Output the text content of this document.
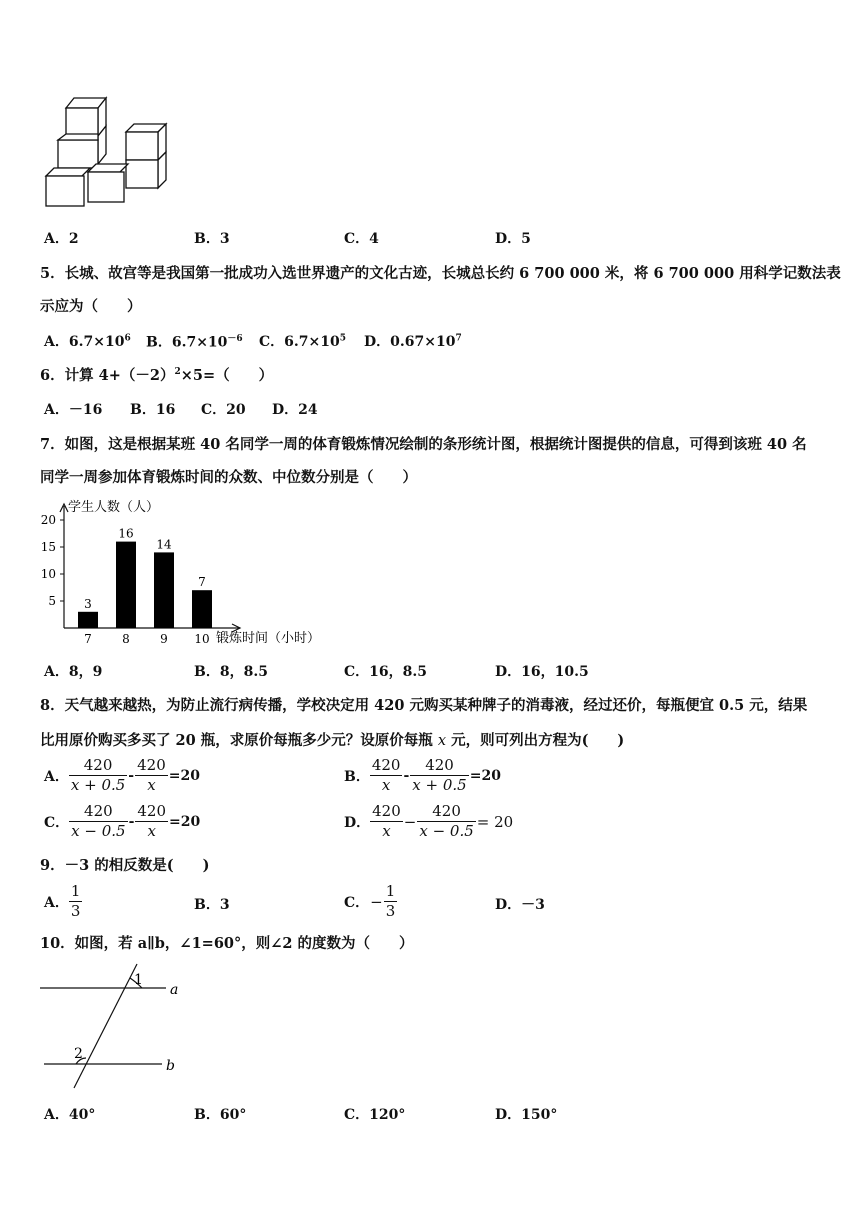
A．2	B．3	C．4	D．5
5．长城、故宫等是我国第一批成功入选世界遗产的文化古迹，长城总长约 6 700 000 米，将 6 700 000 用科学记数法表
示应为（　　）
A．$6.7\times 10^6$ B．$6.7\times 10^{-6}$ C．$6.7\times 10^5$ D．$0.67\times 10^7$
6．计算 $4+(-2)^2\times 5=$（　　）
A．－16 B．16 C．20 D．24
7．如图，这是根据某班 40 名同学一周的体育锻炼情况绘制的条形统计图，根据统计图提供的信息，可得到该班 40 名
同学一周参加体育锻炼时间的众数、中位数分别是（　　）
学生人数（人）
5
10
15
20
3
16
14
7
7	8	9 10 锻炼时间（小时）
A．8，9	B．8，8.5	C．16，8.5	D．16，10.5
8．天气越来越热，为防止流行病传播，学校决定用 420 元购买某种牌子的消毒液，经过还价，每瓶便宜 0.5 元，结果
比用原价购买多买了 20 瓶，求原价每瓶多少元？设原价每瓶 x 元，则可列出方程为(　　)
A． $\frac{420}{x + 0.5} - \frac{420}{x} =20$	B． $\frac{420}{x} - \frac{420}{x + 0.5} =20$
C． $\frac{420}{x - 0.5} - \frac{420}{x} =20$	D． $\frac{420}{x} - \frac{420}{x - 0.5} = 20$
9．－3 的相反数是(　　)
A． $\frac{1}{3}$	B．3	C． − $\frac{1}{3}$	D．－3
10．如图，若 a∥b，∠1=60°，则∠2 的度数为（　　）
1
2
a
b
A．40°	B．60°	C．120°	D．150°
